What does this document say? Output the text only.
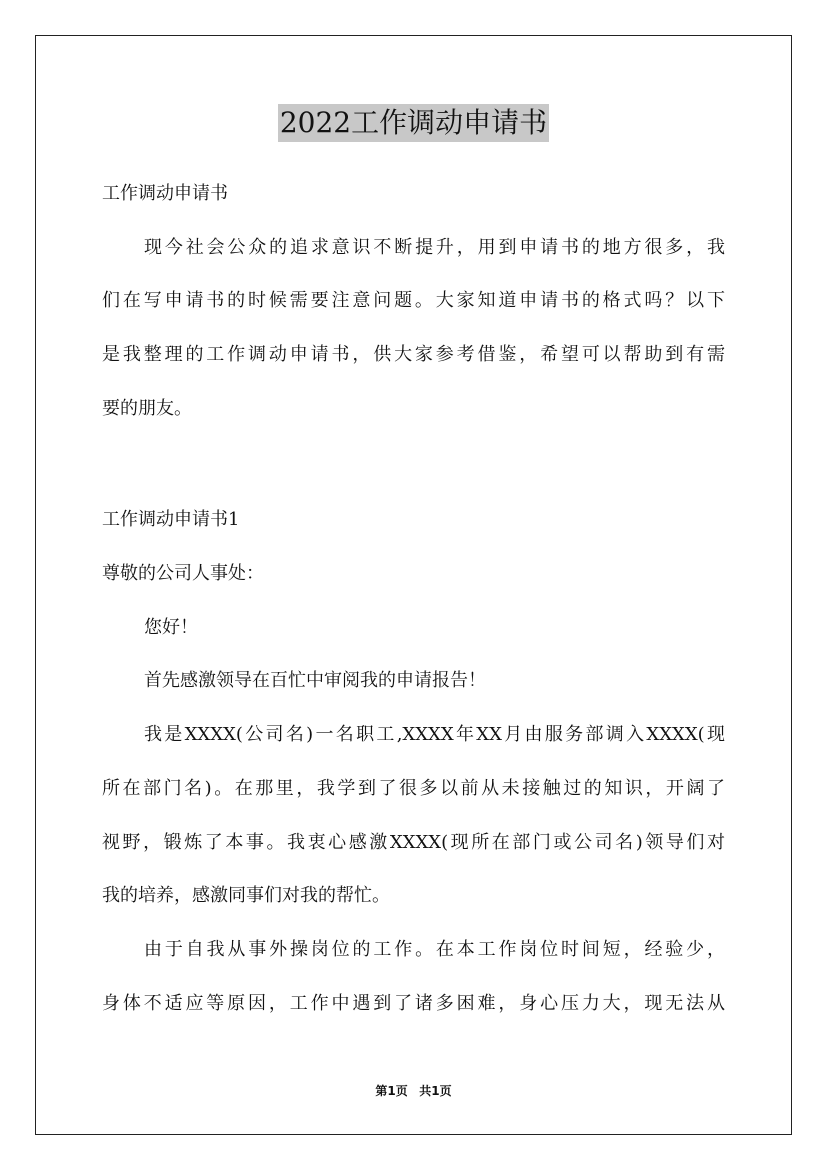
2022工作调动申请书
工作调动申请书
现今社会公众的追求意识不断提升，用到申请书的地方很多，我
们在写申请书的时候需要注意问题。大家知道申请书的格式吗？以下
是我整理的工作调动申请书，供大家参考借鉴，希望可以帮助到有需
要的朋友。
工作调动申请书1
尊敬的公司人事处：
您好！
首先感激领导在百忙中审阅我的申请报告！
我是XXXX(公司名)一名职工,XXXX年XX月由服务部调入XXXX(现
所在部门名)。在那里，我学到了很多以前从未接触过的知识，开阔了
视野，锻炼了本事。我衷心感激XXXX(现所在部门或公司名)领导们对
我的培养，感激同事们对我的帮忙。
由于自我从事外操岗位的工作。在本工作岗位时间短，经验少，
身体不适应等原因，工作中遇到了诸多困难，身心压力大，现无法从
第1页 共1页
